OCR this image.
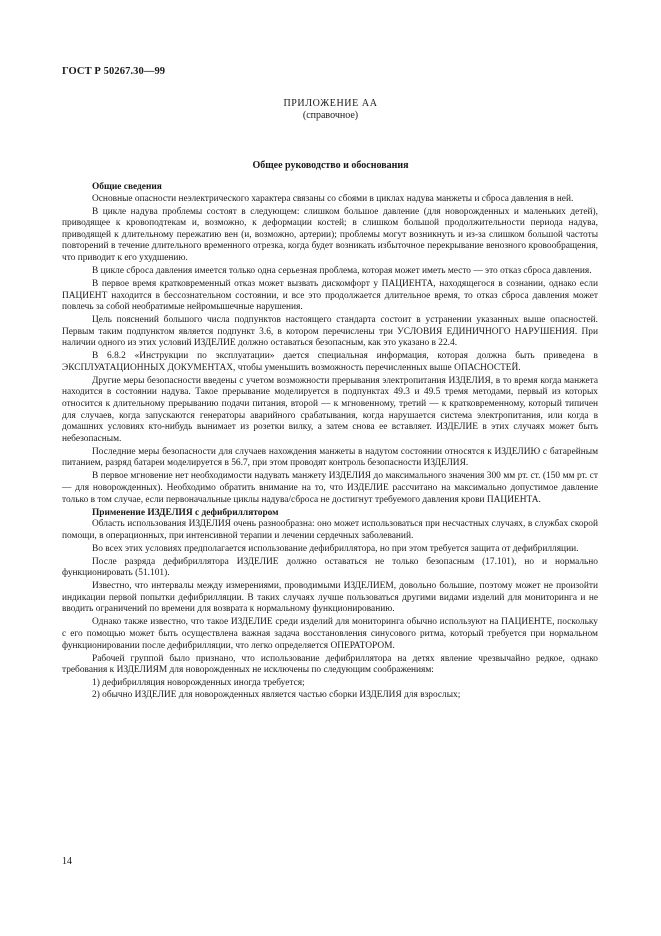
ГОСТ Р 50267.30—99
ПРИЛОЖЕНИЕ АА
(справочное)
Общее руководство и обоснования

Общие сведения

Основные опасности неэлектрического характера связаны со сбоями в циклах надува манжеты и сброса давления в ней.

В цикле надува проблемы состоят в следующем: слишком большое давление (для новорожденных и маленьких детей), приводящее к кровоподтекам и, возможно, к деформации костей; в слишком большой продолжительности периода надува, приводящей к длительному пережатию вен (и, возможно, артерии); проблемы могут возникнуть и из-за слишком большой частоты повторений в течение длительного временного отрезка, когда будет возникать избыточное перекрывание венозного кровообращения, что приводит к его ухудшению.

В цикле сброса давления имеется только одна серьезная проблема, которая может иметь место — это отказ сброса давления.

В первое время кратковременный отказ может вызвать дискомфорт у ПАЦИЕНТА, находящегося в сознании, однако если ПАЦИЕНТ находится в бессознательном состоянии, и все это продолжается длительное время, то отказ сброса давления может повлечь за собой необратимые нейромышечные нарушения.

Цель пояснений большого числа подпунктов настоящего стандарта состоит в устранении указанных выше опасностей. Первым таким подпунктом является подпункт 3.6, в котором перечислены три УСЛОВИЯ ЕДИНИЧНОГО НАРУШЕНИЯ. При наличии одного из этих условий ИЗДЕЛИЕ должно оставаться безопасным, как это указано в 22.4.

В 6.8.2 «Инструкции по эксплуатации» дается специальная информация, которая должна быть приведена в ЭКСПЛУАТАЦИОННЫХ ДОКУМЕНТАХ, чтобы уменьшить возможность перечисленных выше ОПАСНОСТЕЙ.

Другие меры безопасности введены с учетом возможности прерывания электропитания ИЗДЕЛИЯ, в то время когда манжета находится в состоянии надува. Такое прерывание моделируется в подпунктах 49.3 и 49.5 тремя методами, первый из которых относится к длительному прерыванию подачи питания, второй — к мгновенному, третий — к кратковременному, который типичен для случаев, когда запускаются генераторы аварийного срабатывания, когда нарушается система электропитания, или когда в домашних условиях кто-нибудь вынимает из розетки вилку, а затем снова ее вставляет. ИЗДЕЛИЕ в этих случаях может быть небезопасным.

Последние меры безопасности для случаев нахождения манжеты в надутом состоянии относятся к ИЗДЕЛИЮ с батарейным питанием, разряд батареи моделируется в 56.7, при этом проводят контроль безопасности ИЗДЕЛИЯ.

В первое мгновение нет необходимости надувать манжету ИЗДЕЛИЯ до максимального значения 300 мм рт. ст. (150 мм рт. ст — для новорожденных). Необходимо обратить внимание на то, что ИЗДЕЛИЕ рассчитано на максимально допустимое давление только в том случае, если первоначальные циклы надува/сброса не достигнут требуемого давления крови ПАЦИЕНТА.

Применение ИЗДЕЛИЯ с дефибриллятором

Область использования ИЗДЕЛИЯ очень разнообразна: оно может использоваться при несчастных случаях, в службах скорой помощи, в операционных, при интенсивной терапии и лечении сердечных заболеваний.

Во всех этих условиях предполагается использование дефибриллятора, но при этом требуется защита от дефибрилляции.

После разряда дефибриллятора ИЗДЕЛИЕ должно оставаться не только безопасным (17.101), но и нормально функционировать (51.101).

Известно, что интервалы между измерениями, проводимыми ИЗДЕЛИЕМ, довольно большие, поэтому может не произойти индикации первой попытки дефибрилляции. В таких случаях лучше пользоваться другими видами изделий для мониторинга и не вводить ограничений по времени для возврата к нормальному функционированию.

Однако также известно, что такое ИЗДЕЛИЕ среди изделий для мониторинга обычно используют на ПАЦИЕНТЕ, поскольку с его помощью может быть осуществлена важная задача восстановления синусового ритма, который требуется при нормальном функционировании после дефибрилляции, что легко определяется ОПЕРАТОРОМ.

Рабочей группой было признано, что использование дефибриллятора на детях явление чрезвычайно редкое, однако требования к ИЗДЕЛИЯМ для новорожденных не исключены по следующим соображениям:

1) дефибрилляция новорожденных иногда требуется;

2) обычно ИЗДЕЛИЕ для новорожденных является частью сборки ИЗДЕЛИЯ для взрослых;

14
